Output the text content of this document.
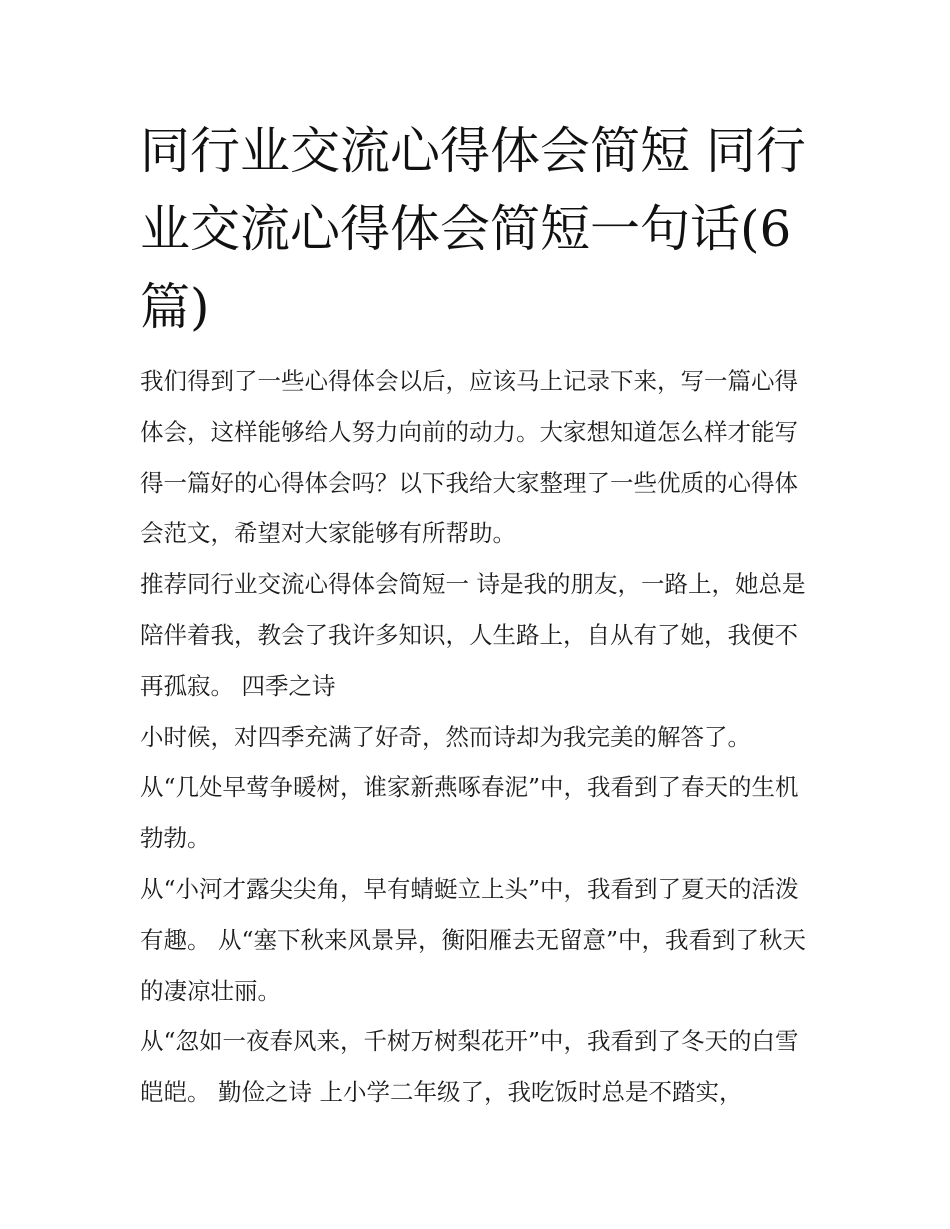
同行业交流心得体会简短 同行业交流心得体会简短一句话(6篇)

我们得到了一些心得体会以后，应该马上记录下来，写一篇心得体会，这样能够给人努力向前的动力。大家想知道怎么样才能写得一篇好的心得体会吗？以下我给大家整理了一些优质的心得体会范文，希望对大家能够有所帮助。

推荐同行业交流心得体会简短一 诗是我的朋友，一路上，她总是陪伴着我，教会了我许多知识，人生路上，自从有了她，我便不再孤寂。 四季之诗

小时候，对四季充满了好奇，然而诗却为我完美的解答了。

从“几处早莺争暖树，谁家新燕啄春泥”中，我看到了春天的生机勃勃。

从“小河才露尖尖角，早有蜻蜓立上头”中，我看到了夏天的活泼有趣。 从“塞下秋来风景异，衡阳雁去无留意”中，我看到了秋天的凄凉壮丽。

从“忽如一夜春风来，千树万树梨花开”中，我看到了冬天的白雪皑皑。 勤俭之诗 上小学二年级了，我吃饭时总是不踏实，
